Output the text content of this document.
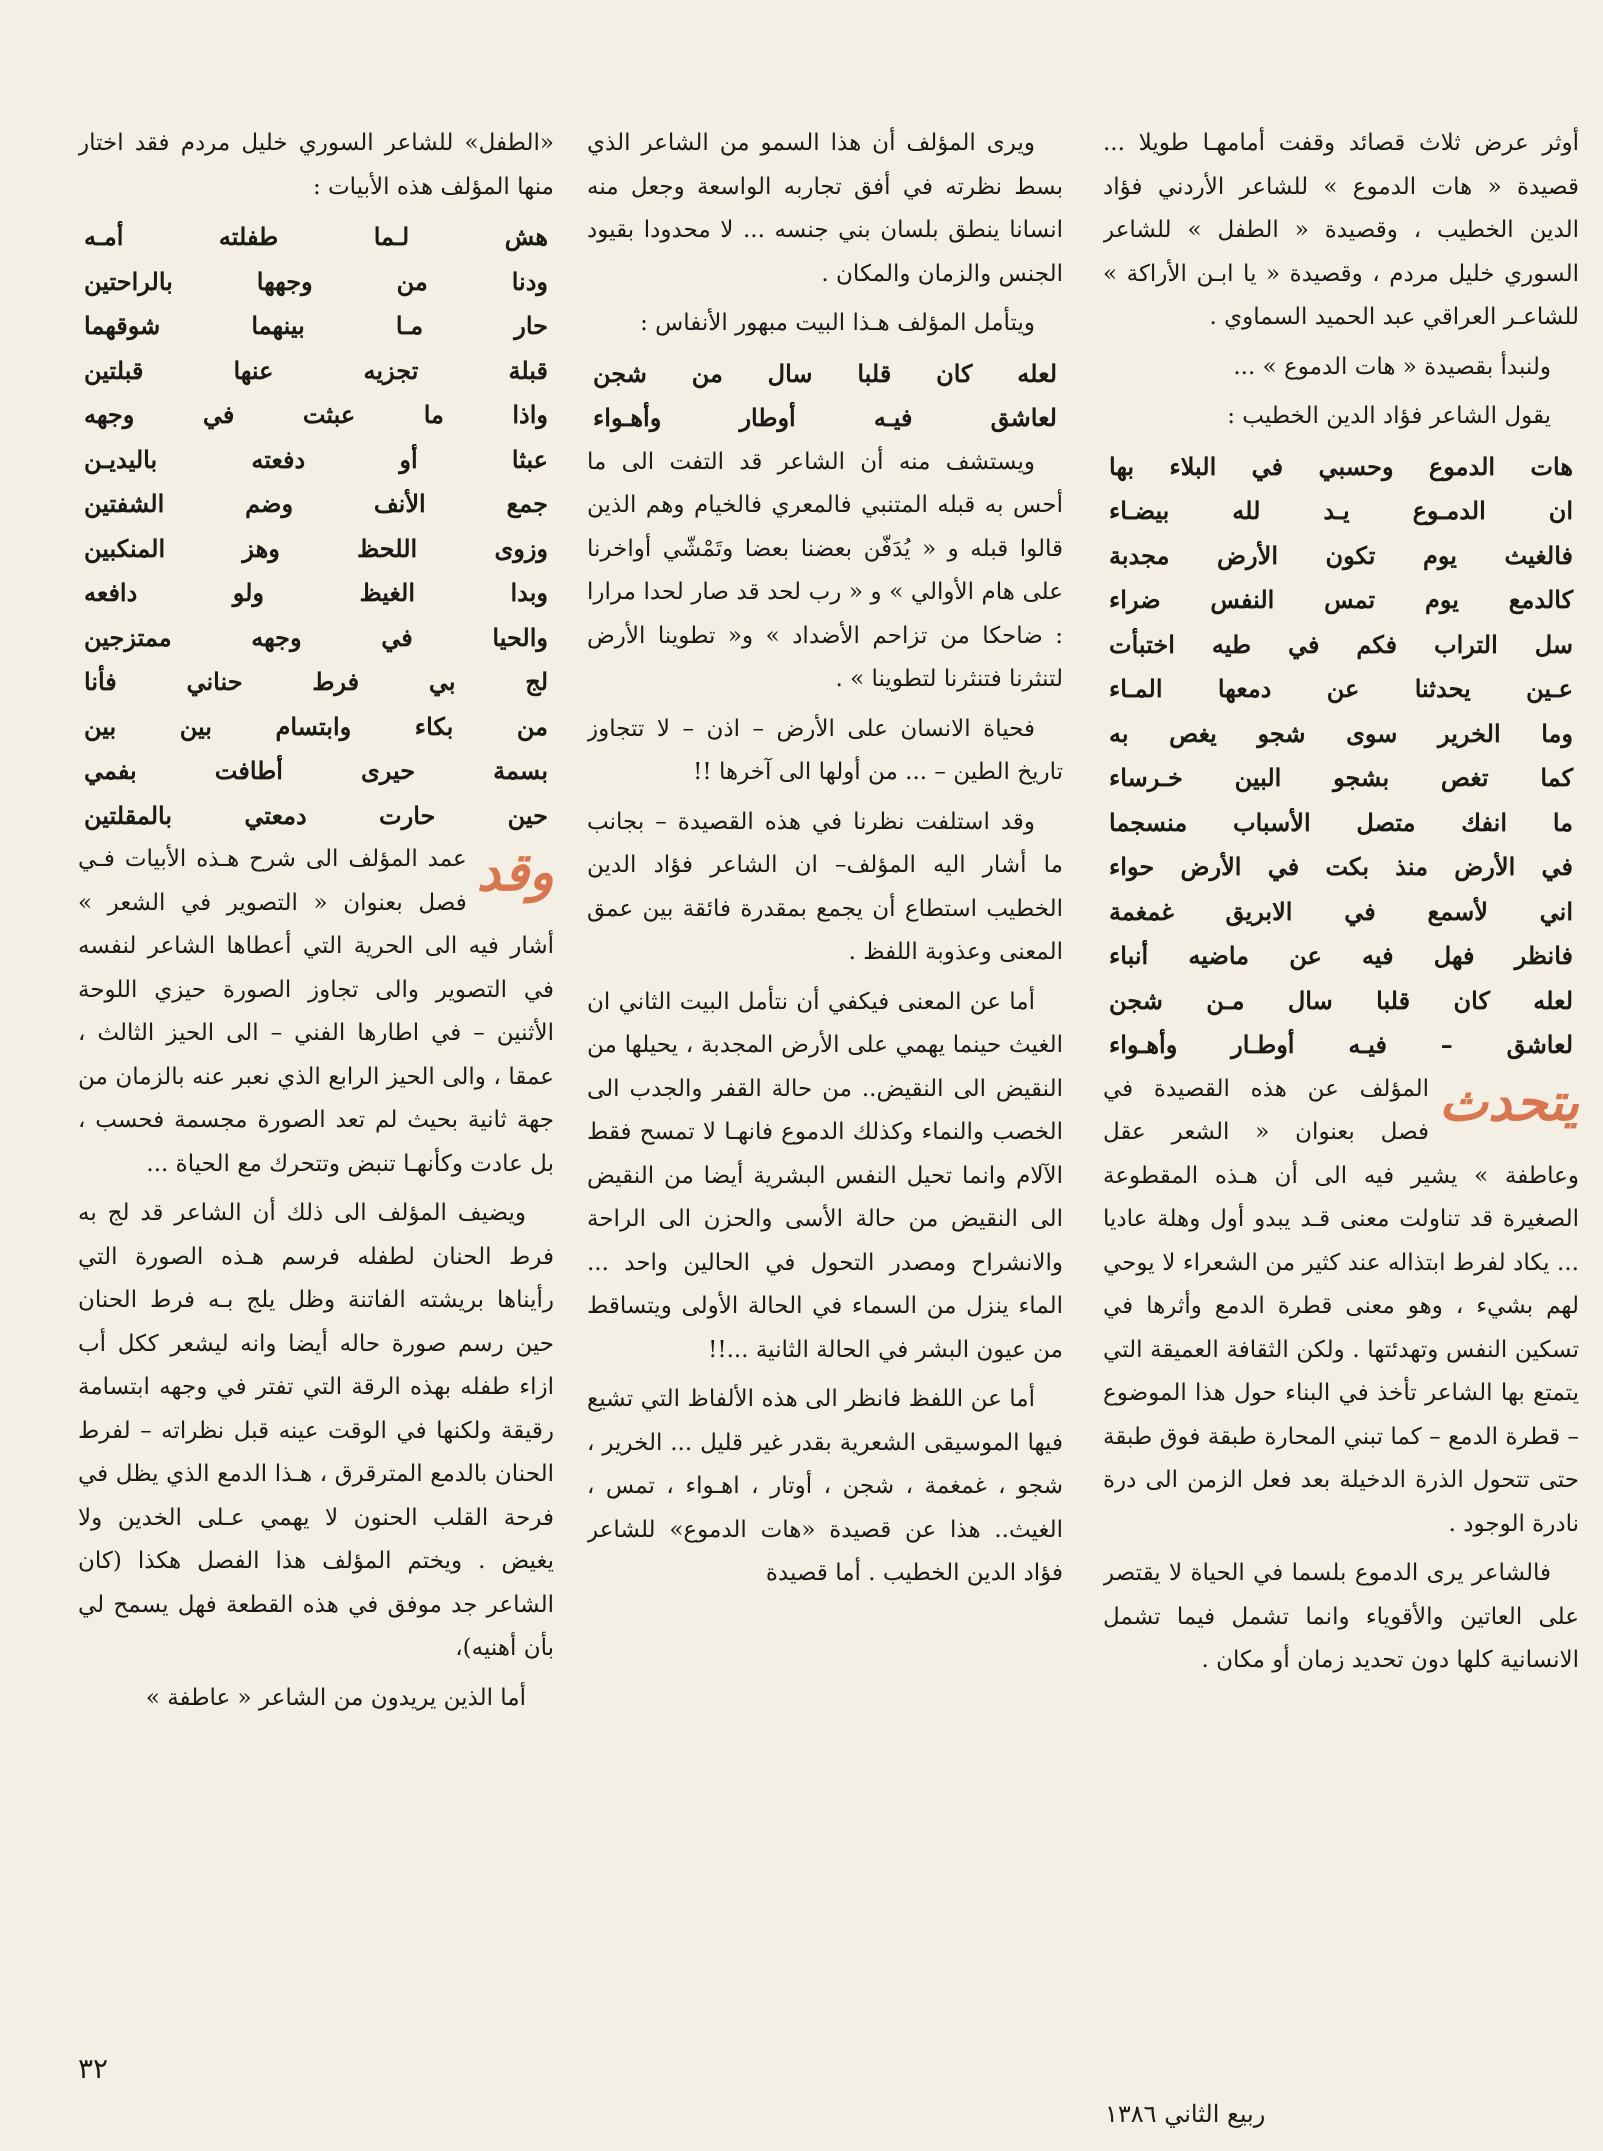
أوثر عرض ثلاث قصائد وقفت أمامهـا طويلا ... قصيدة « هات الدموع » للشاعر الأردني فؤاد الدين الخطيب ، وقصيدة « الطفل » للشاعر السوري خليل مردم ، وقصيدة « يا ابـن الأراكة » للشاعـر العراقي عبد الحميد السماوي .

ولنبدأ بقصيدة « هات الدموع » ...

يقول الشاعر فؤاد الدين الخطيب :

هات الدموع وحسبي في البلاء بها

ان الدمـوع يـد لله بيضـاء

فالغيث يوم تكون الأرض مجدبة

كالدمع يوم تمس النفس ضراء

سل التراب فكم في طيه اختبأت

عـين يحدثنا عن دمعها المـاء

وما الخرير سوى شجو يغص به

كما تغص بشجو البين خـرساء

ما انفك متصل الأسباب منسجما

في الأرض منذ بكت في الأرض حواء

اني لأسمع في الابريق غمغمة

فانظر فهل فيه عن ماضيه أنباء

لعله كان قلبا سال مـن شجن

لعاشق – فيـه أوطـار وأهـواء

يتحدث
المؤلف عن هذه القصيدة في فصل بعنوان « الشعر عقل وعاطفة » يشير فيه الى أن هـذه المقطوعة الصغيرة قد تناولت معنى قـد يبدو أول وهلة عاديا ... يكاد لفرط ابتذاله عند كثير من الشعراء لا يوحي لهم بشيء ، وهو معنى قطرة الدمع وأثرها في تسكين النفس وتهدئتها . ولكن الثقافة العميقة التي يتمتع بها الشاعر تأخذ في البناء حول هذا الموضوع – قطرة الدمع – كما تبني المحارة طبقة فوق طبقة حتى تتحول الذرة الدخيلة بعد فعل الزمن الى درة نادرة الوجود .

فالشاعر يرى الدموع بلسما في الحياة لا يقتصر على العاتين والأقوياء وانما تشمل فيما تشمل الانسانية كلها دون تحديد زمان أو مكان .

ويرى المؤلف أن هذا السمو من الشاعر الذي بسط نظرته في أفق تجاربه الواسعة وجعل منه انسانا ينطق بلسان بني جنسه ... لا محدودا بقيود الجنس والزمان والمكان .

ويتأمل المؤلف هـذا البيت مبهور الأنفاس :

لعله كان قلبا سال من شجن

لعاشق فيـه أوطار وأهـواء

ويستشف منه أن الشاعر قد التفت الى ما أحس به قبله المتنبي فالمعري فالخيام وهم الذين قالوا قبله و « يُدَفّن بعضنا بعضا وتَمْشّي أواخرنا على هام الأوالي » و « رب لحد قد صار لحدا مرارا : ضاحكا من تزاحم الأضداد » و« تطوينا الأرض لتنثرنا فتنثرنا لتطوينا » .

فحياة الانسان على الأرض – اذن – لا تتجاوز تاريخ الطين – ... من أولها الى آخرها !!

وقد استلفت نظرنا في هذه القصيدة – بجانب ما أشار اليه المؤلف– ان الشاعر فؤاد الدين الخطيب استطاع أن يجمع بمقدرة فائقة بين عمق المعنى وعذوبة اللفظ .

أما عن المعنى فيكفي أن نتأمل البيت الثاني ان الغيث حينما يهمي على الأرض المجدبة ، يحيلها من النقيض الى النقيض.. من حالة القفر والجدب الى الخصب والنماء وكذلك الدموع فانهـا لا تمسح فقط الآلام وانما تحيل النفس البشرية أيضا من النقيض الى النقيض من حالة الأسى والحزن الى الراحة والانشراح ومصدر التحول في الحالين واحد ... الماء ينزل من السماء في الحالة الأولى ويتساقط من عيون البشر في الحالة الثانية ...!!

أما عن اللفظ فانظر الى هذه الألفاظ التي تشيع فيها الموسيقى الشعرية بقدر غير قليل ... الخرير ، شجو ، غمغمة ، شجن ، أوتار ، اهـواء ، تمس ، الغيث.. هذا عن قصيدة «هات الدموع» للشاعر فؤاد الدين الخطيب . أما قصيدة

«الطفل» للشاعر السوري خليل مردم فقد اختار منها المؤلف هذه الأبيات :

هش لـما طفلته أمـه

ودنا من وجهها بالراحتين

حار مـا بينهما شوقهما

قبلة تجزيه عنها قبلتين

واذا ما عبثت في وجهه

عبثا أو دفعته باليديـن

جمع الأنف وضم الشفتين

وزوى اللحظ وهز المنكبين

وبدا الغيظ ولو دافعه

والحيا في وجهه ممتزجين

لج بي فرط حناني فأنا

من بكاء وابتسام بين بين

بسمة حيرى أطافت بفمي

حين حارت دمعتي بالمقلتين

وقد
عمد المؤلف الى شرح هـذه الأبيات فـي فصل بعنوان « التصوير في الشعر » أشار فيه الى الحرية التي أعطاها الشاعر لنفسه في التصوير والى تجاوز الصورة حيزي اللوحة الأثنين – في اطارها الفني – الى الحيز الثالث ، عمقا ، والى الحيز الرابع الذي نعبر عنه بالزمان من جهة ثانية بحيث لم تعد الصورة مجسمة فحسب ، بل عادت وكأنهـا تنبض وتتحرك مع الحياة ...

ويضيف المؤلف الى ذلك أن الشاعر قد لج به فرط الحنان لطفله فرسم هـذه الصورة التي رأيناها بريشته الفاتنة وظل يلج بـه فرط الحنان حين رسم صورة حاله أيضا وانه ليشعر ككل أب ازاء طفله بهذه الرقة التي تفتر في وجهه ابتسامة رقيقة ولكنها في الوقت عينه قبل نظراته – لفرط الحنان بالدمع المترقرق ، هـذا الدمع الذي يظل في فرحة القلب الحنون لا يهمي عـلى الخدين ولا يغيض . ويختم المؤلف هذا الفصل هكذا (كان الشاعر جد موفق في هذه القطعة فهل يسمح لي بأن أهنيه)،

أما الذين يريدون من الشاعر « عاطفة »

٣٢
ربيع الثاني ١٣٨٦
